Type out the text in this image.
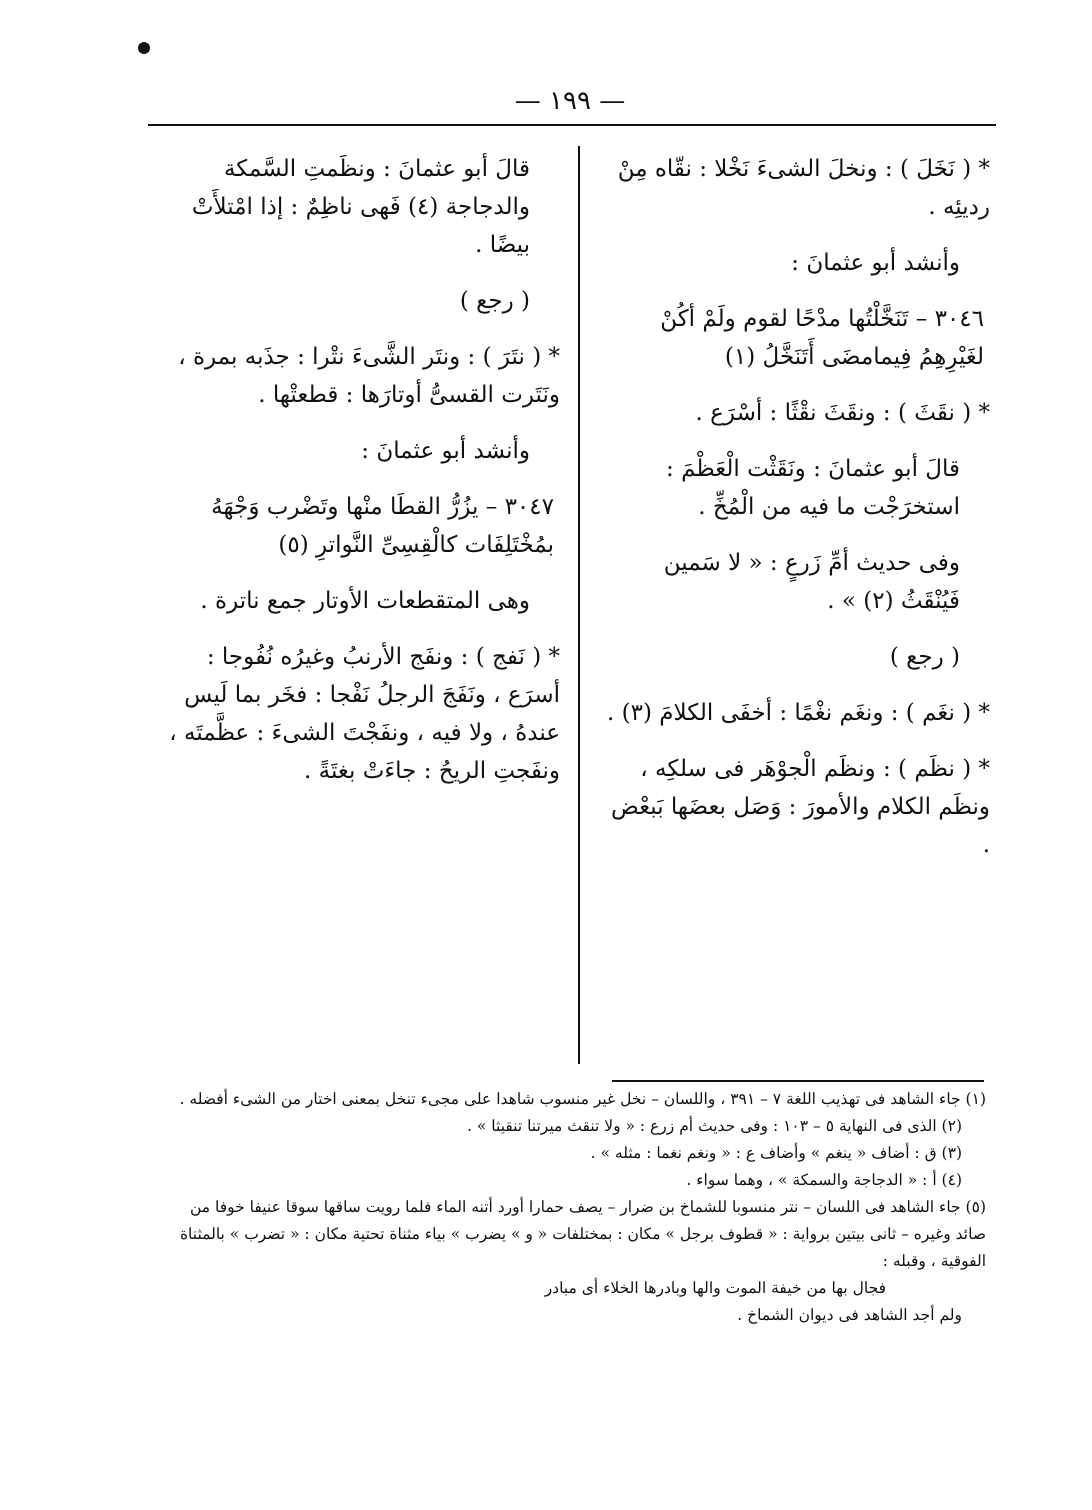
— ١٩٩ —

* ( نَخَلَ ) : ونخلَ الشىءَ نَخْلا : نقّاه مِنْ رديئِه .

وأنشد أبو عثمانَ :

٣٠٤٦ – تَنَخَّلْتُها مدْحًا لقوم ولَمْ أكُنْ لغَيْرِهِمُ فِيمامضَى أَتَنَخَّلُ (١)

* ( نقَثَ ) : ونقَثَ نقْثًا : أسْرَع .

قالَ أبو عثمانَ : ونَقَثْت الْعَظْمَ : استخرَجْت ما فيه من الْمُخِّ .

وفى حديث أمِّ زَرعٍ : « لا سَمين فَيُنْقَثُ (٢) » .

( رجع )

* ( نغَم ) : ونغَم نغْمًا : أخفَى الكلامَ (٣) .

* ( نظَم ) : ونظَم الْجوْهَر فى سلكِه ، ونظَم الكلام والأمورَ : وَصَل بعضَها بَبعْض .

قالَ أبو عثمانَ : ونظَمتِ السَّمكة والدجاجة (٤) فَهى ناظِمٌ : إذا امْتلأَتْ بيضًا .

( رجع )

* ( نتَرَ ) : ونتَر الشَّىءَ نتْرا : جذَبه بمرة ، ونَتَرت القسىُّ أوتارَها : قطعتْها .

وأنشد أبو عثمانَ :

٣٠٤٧ – يزُرُّ القطَا منْها وتَضْرب وَجْهَهُ بمُخْتَلِفَات كالْقِسِىِّ النَّواترِ (٥)

وهى المتقطعات الأوتار جمع ناترة .

* ( نَفج ) : ونفَج الأرنبُ وغيرُه نُفُوجا : أسرَع ، ونَفَجَ الرجلُ نَفْجا : فخَر بما لَيس عندهُ ، ولا فيه ، ونفَجْتَ الشىءَ : عظَّمتَه ، ونفَجتِ الريحُ : جاءَتْ بغتَةً .

(١) جاء الشاهد فى تهذيب اللغة ٧ – ٣٩١ ، واللسان – نخل غير منسوب شاهدا على مجىء تنخل بمعنى اختار من الشىء أفضله .

(٢) الذى فى النهاية ٥ – ١٠٣ : وفى حديث أم زرع : « ولا تنقث ميرتنا تنقيثا » .

(٣) ق : أضاف « ينغم » وأضاف ع : « ونغم نغما : مثله » .

(٤) أ : « الدجاجة والسمكة » ، وهما سواء .

(٥) جاء الشاهد فى اللسان – نتر منسوبا للشماخ بن ضرار – يصف حمارا أورد أتنه الماء فلما رويت ساقها سوقا عنيفا خوفا من صائد وغيره – ثانى بيتين برواية : « قطوف برجل » مكان : بمختلفات « و » يضرب » بياء مثناة تحتية مكان : « تضرب » بالمثناة الفوقية ، وقبله :

فجال بها من خيفة الموت والها وبادرها الخلاء أى مبادر

ولم أجد الشاهد فى ديوان الشماخ .
